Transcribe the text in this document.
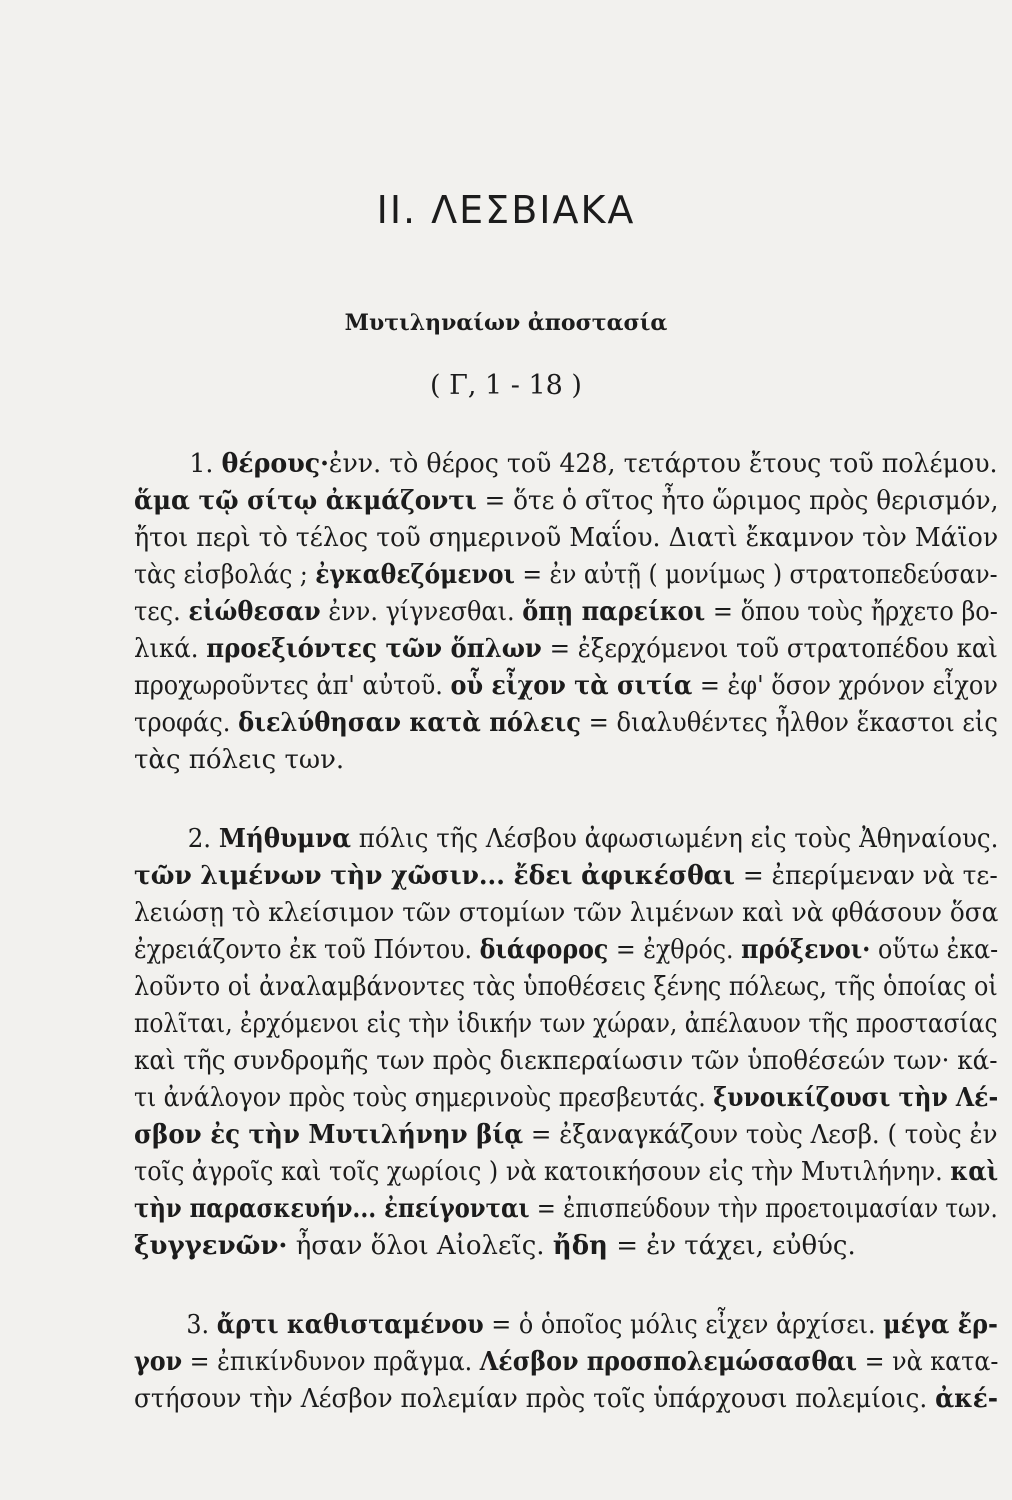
II. ΛΕΣΒΙΑΚΑ
Μυτιληναίων ἀποστασία
( Γ, 1 - 18 )
1. θέρους·ἐνν. τὸ θέρος τοῦ 428, τετάρτου ἔτους τοῦ πολέμου.
ἅμα τῷ σίτῳ ἀκμάζοντι = ὅτε ὁ σῖτος ἦτο ὥριμος πρὸς θερισμόν,
ἤτοι περὶ τὸ τέλος τοῦ σημερινοῦ Μαΐου. Διατὶ ἔκαμνον τὸν Μάϊον
τὰς εἰσβολάς ; ἐγκαθεζόμενοι = ἐν αὐτῇ ( μονίμως ) στρατοπεδεύσαν-
τες. εἰώθεσαν ἐνν. γίγνεσθαι. ὅπῃ παρείκοι = ὅπου τοὺς ἤρχετο βο-
λικά. προεξιόντες τῶν ὅπλων = ἐξερχόμενοι τοῦ στρατοπέδου καὶ
προχωροῦντες ἀπ' αὐτοῦ. οὗ εἶχον τὰ σιτία = ἐφ' ὅσον χρόνον εἶχον
τροφάς. διελύθησαν κατὰ πόλεις = διαλυθέντες ἦλθον ἕκαστοι εἰς
τὰς πόλεις των.
2. Μήθυμνα πόλις τῆς Λέσβου ἀφωσιωμένη εἰς τοὺς Ἀθηναίους.
τῶν λιμένων τὴν χῶσιν... ἔδει ἀφικέσθαι = ἐπερίμεναν νὰ τε-
λειώσῃ τὸ κλείσιμον τῶν στομίων τῶν λιμένων καὶ νὰ φθάσουν ὅσα
ἐχρειάζοντο ἐκ τοῦ Πόντου. διάφορος = ἐχθρός. πρόξενοι· οὕτω ἐκα-
λοῦντο οἱ ἀναλαμβάνοντες τὰς ὑποθέσεις ξένης πόλεως, τῆς ὁποίας οἱ
πολῖται, ἐρχόμενοι εἰς τὴν ἰδικήν των χώραν, ἀπέλαυον τῆς προστασίας
καὶ τῆς συνδρομῆς των πρὸς διεκπεραίωσιν τῶν ὑποθέσεών των· κά-
τι ἀνάλογον πρὸς τοὺς σημερινοὺς πρεσβευτάς. ξυνοικίζουσι τὴν Λέ-
σβον ἐς τὴν Μυτιλήνην βίᾳ = ἐξαναγκάζουν τοὺς Λεσβ. ( τοὺς ἐν
τοῖς ἀγροῖς καὶ τοῖς χωρίοις ) νὰ κατοικήσουν εἰς τὴν Μυτιλήνην. καὶ
τὴν παρασκευήν... ἐπείγονται = ἐπισπεύδουν τὴν προετοιμασίαν των.
ξυγγενῶν· ἦσαν ὅλοι Αἰολεῖς. ἤδη = ἐν τάχει, εὐθύς.
3. ἄρτι καθισταμένου = ὁ ὁποῖος μόλις εἶχεν ἀρχίσει. μέγα ἔρ-
γον = ἐπικίνδυνον πρᾶγμα. Λέσβον προσπολεμώσασθαι = νὰ κατα-
στήσουν τὴν Λέσβον πολεμίαν πρὸς τοῖς ὑπάρχουσι πολεμίοις. ἀκέ-
